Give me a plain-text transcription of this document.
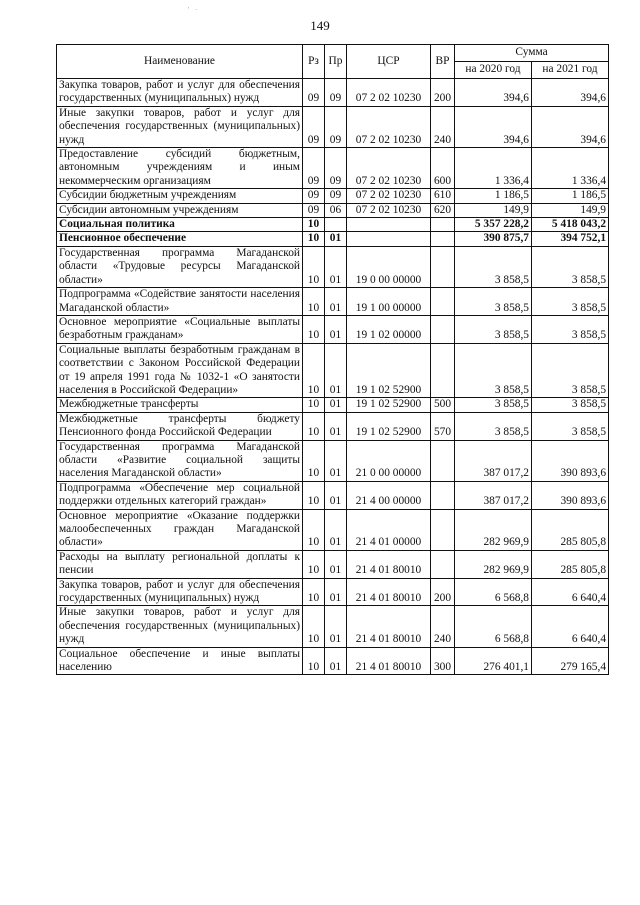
' ·
149
Наименование	Рз	Пр	ЦСР	ВР	Сумма	
					на 2020 год	на 2021 год
Закупка товаров, работ и услуг для обеспечения государственных (муниципальных) нужд	09	09	07 2 02 10230	200	394,6	394,6
Иные закупки товаров, работ и услуг для обеспечения государственных (муниципальных) нужд	09	09	07 2 02 10230	240	394,6	394,6
Предоставление субсидий бюджетным, автономным учреждениям и иным некоммерческим организациям	09	09	07 2 02 10230	600	1 336,4	1 336,4
Субсидии бюджетным учреждениям	09	09	07 2 02 10230	610	1 186,5	1 186,5
Субсидии автономным учреждениям	09	06	07 2 02 10230	620	149,9	149,9
Социальная политика	10				5 357 228,2	5 418 043,2
Пенсионное обеспечение	10	01			390 875,7	394 752,1
Государственная программа Магаданской области «Трудовые ресурсы Магаданской области»	10	01	19 0 00 00000		3 858,5	3 858,5
Подпрограмма «Содействие занятости населения Магаданской области»	10	01	19 1 00 00000		3 858,5	3 858,5
Основное мероприятие «Социальные выплаты безработным гражданам»	10	01	19 1 02 00000		3 858,5	3 858,5
Социальные выплаты безработным гражданам в соответствии с Законом Российской Федерации от 19 апреля 1991 года № 1032-1 «О занятости населения в Российской Федерации»	10	01	19 1 02 52900		3 858,5	3 858,5
Межбюджетные трансферты	10	01	19 1 02 52900	500	3 858,5	3 858,5
Межбюджетные трансферты бюджету Пенсионного фонда Российской Федерации	10	01	19 1 02 52900	570	3 858,5	3 858,5
Государственная программа Магаданской области «Развитие социальной защиты населения Магаданской области»	10	01	21 0 00 00000		387 017,2	390 893,6
Подпрограмма «Обеспечение мер социальной поддержки отдельных категорий граждан»	10	01	21 4 00 00000		387 017,2	390 893,6
Основное мероприятие «Оказание поддержки малообеспеченных граждан Магаданской области»	10	01	21 4 01 00000		282 969,9	285 805,8
Расходы на выплату региональной доплаты к пенсии	10	01	21 4 01 80010		282 969,9	285 805,8
Закупка товаров, работ и услуг для обеспечения государственных (муниципальных) нужд	10	01	21 4 01 80010	200	6 568,8	6 640,4
Иные закупки товаров, работ и услуг для обеспечения государственных (муниципальных) нужд	10	01	21 4 01 80010	240	6 568,8	6 640,4
Социальное обеспечение и иные выплаты населению	10	01	21 4 01 80010	300	276 401,1	279 165,4
